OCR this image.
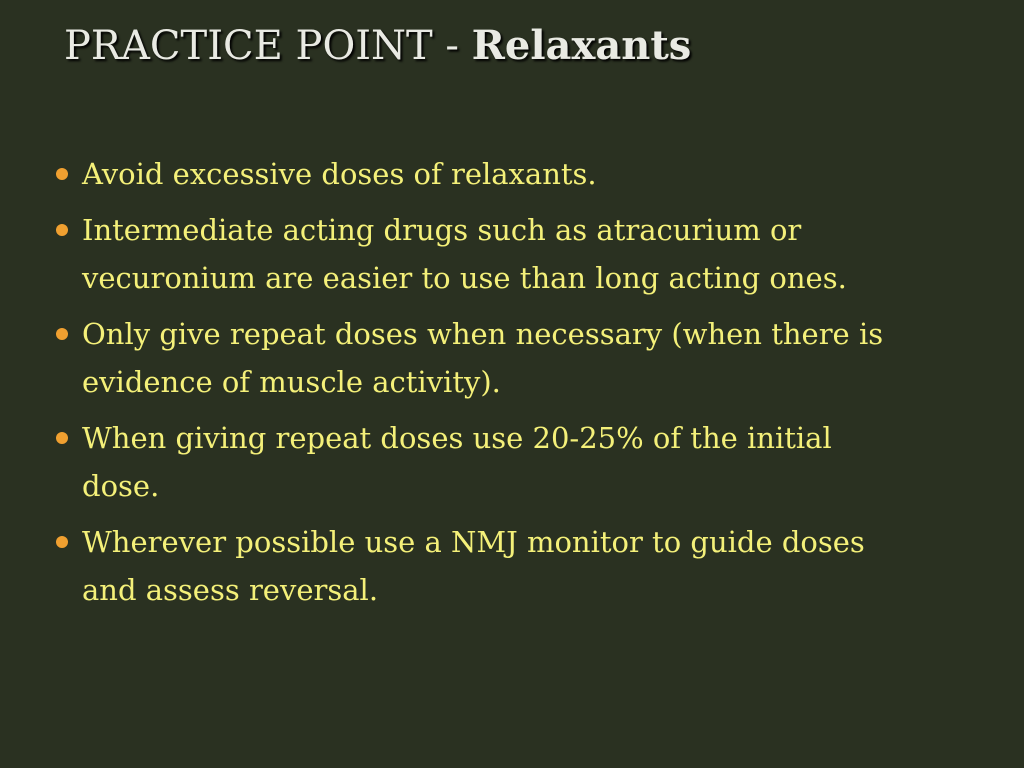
PRACTICE POINT - Relaxants
Avoid excessive doses of relaxants.
Intermediate acting drugs such as atracurium or vecuronium are easier to use than long acting ones.
Only give repeat doses when necessary (when there is evidence of muscle activity).
When giving repeat doses use 20-25% of the initial dose.
Wherever possible use a NMJ monitor to guide doses and assess reversal.
